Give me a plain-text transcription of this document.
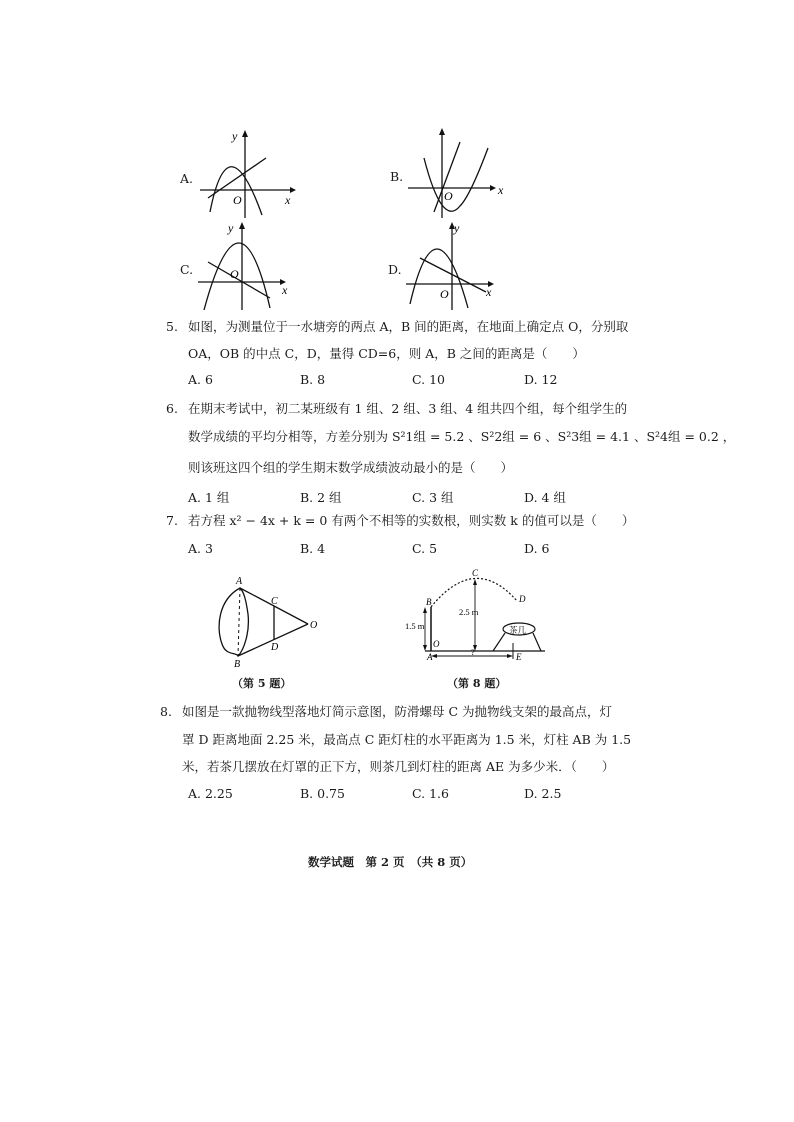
A.
y
x
O
B.
x
O
C.
y
x
O	D.
y
x
O
5. 如图，为测量位于一水塘旁的两点 A，B 间的距离，在地面上确定点 O，分别取
OA，OB 的中点 C，D，量得 CD=6，则 A，B 之间的距离是（　　）
A. 6	B. 8	C. 10	D. 12
6. 在期末考试中，初二某班级有 1 组、2 组、3 组、4 组共四个组，每个组学生的
数学成绩的平均分相等，方差分别为 S²1组 = 5.2 、S²2组 = 6 、S²3组 = 4.1 、S²4组 = 0.2 ，
则该班这四个组的学生期末数学成绩波动最小的是（　　）
A. 1 组	B. 2 组	C. 3 组	D. 4 组
7. 若方程 x² − 4x + k = 0 有两个不相等的实数根，则实数 k 的值可以是（　　）
A. 3	B. 4	C. 5	D. 6
A
B
C
D
O
（第 5 题）
B
C
D
O
A	E
1.5 m
2.5 m
?
茶几
（第 8 题）
8. 如图是一款抛物线型落地灯简示意图，防滑螺母 C 为抛物线支架的最高点，灯
罩 D 距离地面 2.25 米，最高点 C 距灯柱的水平距离为 1.5 米，灯柱 AB 为 1.5
米，若茶几摆放在灯罩的正下方，则茶几到灯柱的距离 AE 为多少米．（　　）
A. 2.25	B. 0.75	C. 1.6	D. 2.5
数学试题　第 2 页　（共 8 页）
